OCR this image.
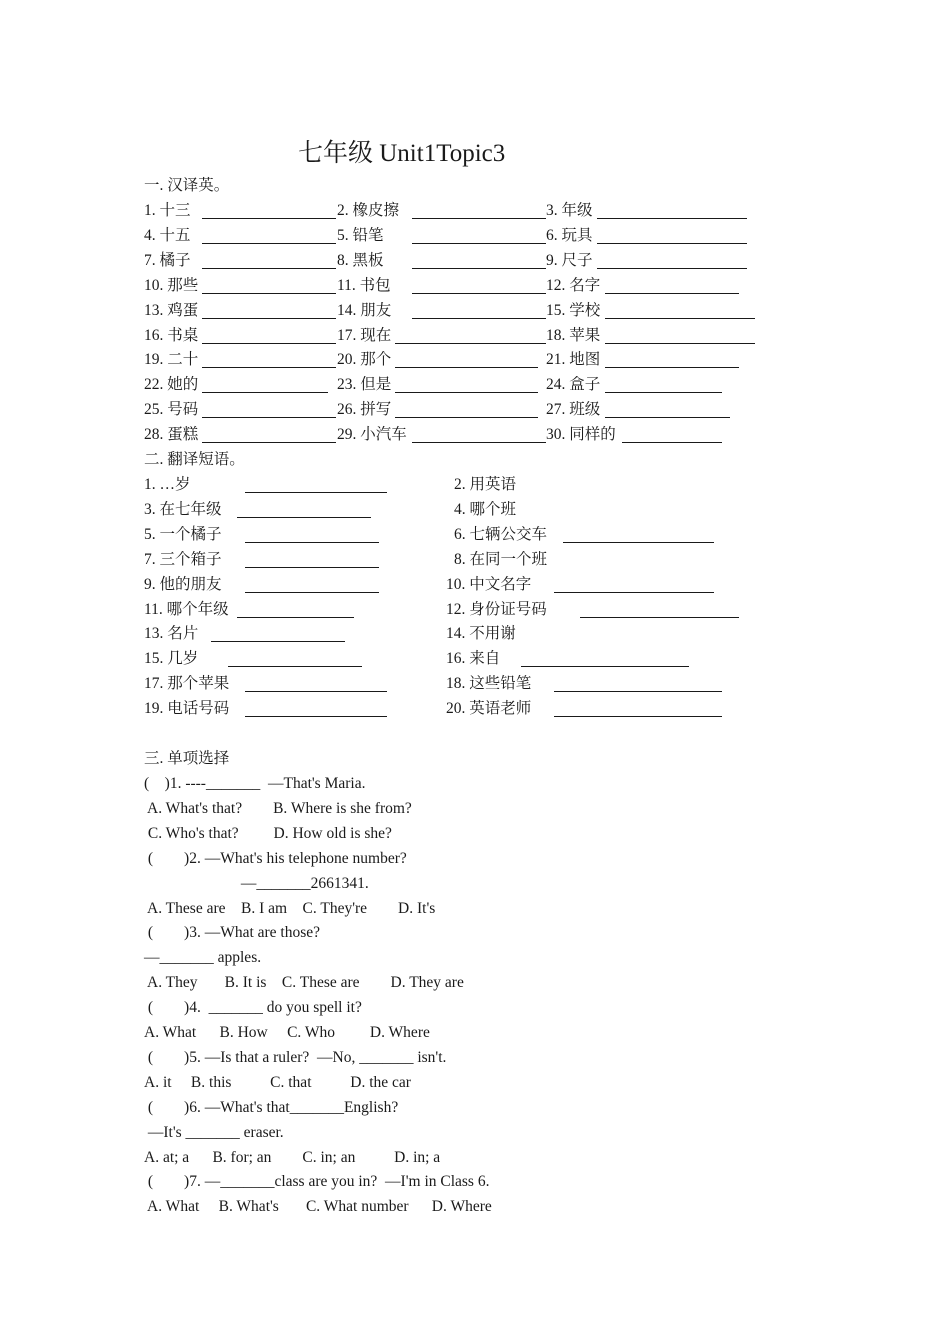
七年级 Unit1Topic3
一. 汉译英。
1. 十三	2. 橡皮擦	3. 年级
4. 十五	5. 铅笔	6. 玩具
7. 橘子	8. 黑板	9. 尺子
10. 那些	11. 书包	12. 名字
13. 鸡蛋	14. 朋友	15. 学校
16. 书桌	17. 现在	18. 苹果
19. 二十	20. 那个	21. 地图
22. 她的	23. 但是	24. 盒子
25. 号码	26. 拼写	27. 班级
28. 蛋糕	29. 小汽车	30. 同样的
二. 翻译短语。
1. …岁	2. 用英语
3. 在七年级	4. 哪个班
5. 一个橘子	6. 七辆公交车
7. 三个箱子	8. 在同一个班
9. 他的朋友	10. 中文名字
11. 哪个年级	12. 身份证号码
13. 名片	14. 不用谢
15. 几岁	16. 来自
17. 那个苹果	18. 这些铅笔
19. 电话号码	20. 英语老师
三. 单项选择
(    )1. ----_______  —That's Maria.
A. What's that?        B. Where is she from?
C. Who's that?         D. How old is she?
(        )2. —What's his telephone number?
—_______2661341.
A. These are    B. I am    C. They're        D. It's
(        )3. —What are those?
—_______ apples.
A. They       B. It is    C. These are        D. They are
(        )4.  _______ do you spell it?
A. What      B. How     C. Who         D. Where
(        )5. —Is that a ruler?  —No, _______ isn't.
A. it     B. this          C. that          D. the car
(        )6. —What's that_______English?
—It's _______ eraser.
A. at; a      B. for; an        C. in; an          D. in; a
(        )7. —_______class are you in?  —I'm in Class 6.
A. What     B. What's       C. What number      D. Where
